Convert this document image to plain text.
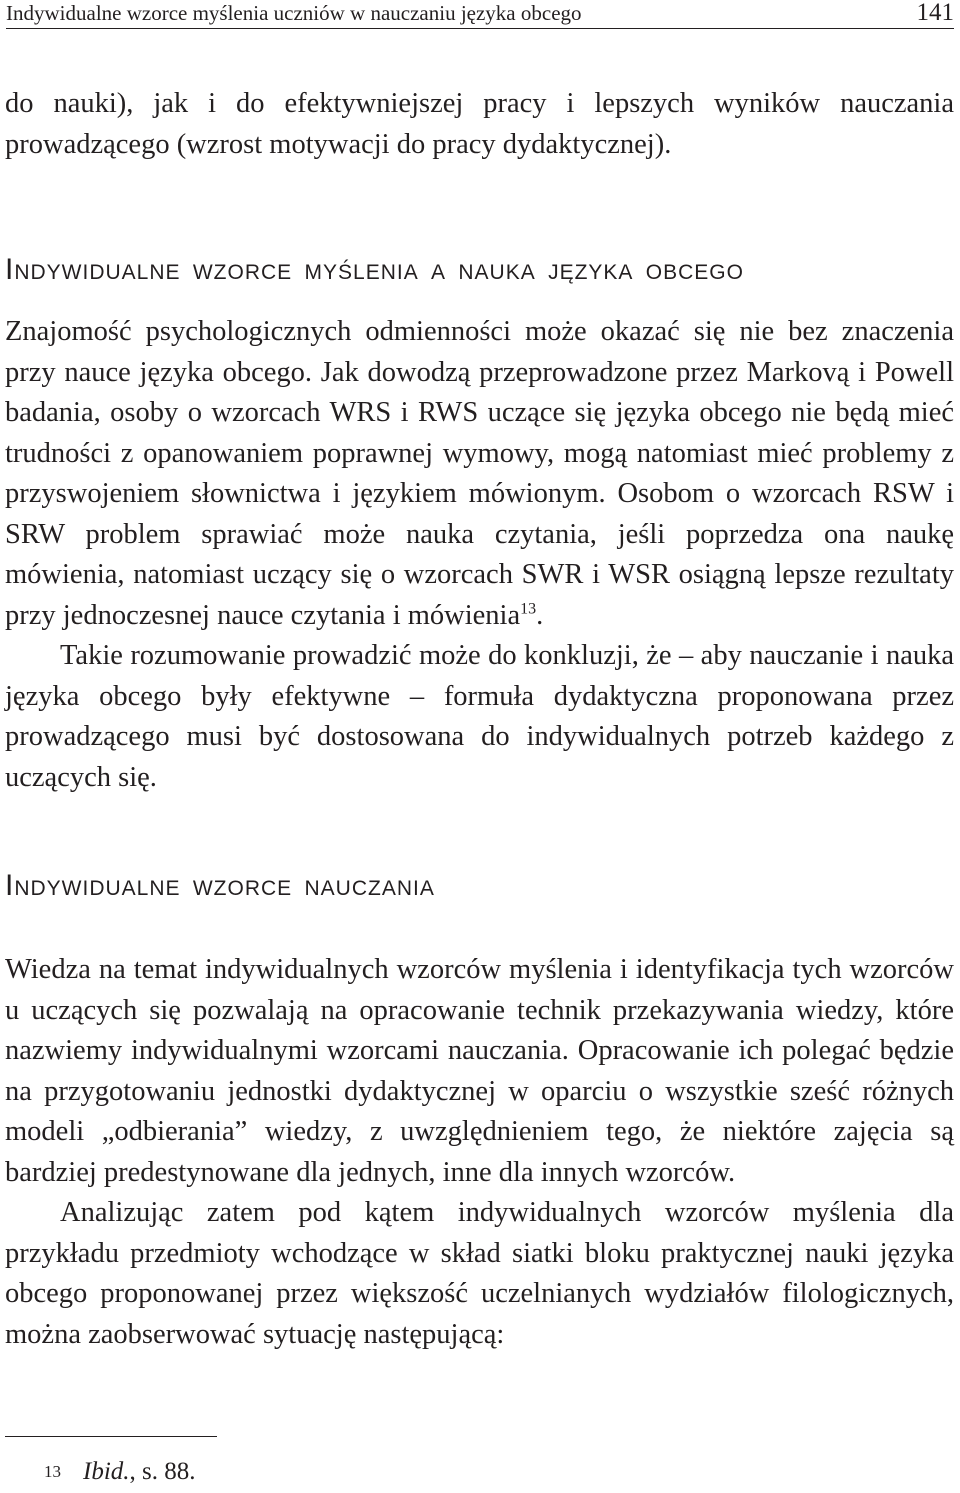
Indywidualne wzorce myślenia uczniów w nauczaniu języka obcego	141

do nauki), jak i do efektywniejszej pracy i lepszych wyników nauczania prowadzącego (wzrost motywacji do pracy dydaktycznej).

Indywidualne wzorce myślenia a nauka języka obcego

Znajomość psychologicznych odmienności może okazać się nie bez znaczenia przy nauce języka obcego. Jak dowodzą przeprowadzone przez Markovą i Powell badania, osoby o wzorcach WRS i RWS uczące się języka obcego nie będą mieć trudności z opanowaniem poprawnej wymowy, mogą natomiast mieć problemy z przyswojeniem słownictwa i językiem mówionym. Osobom o wzorcach RSW i SRW problem sprawiać może nauka czytania, jeśli poprzedza ona naukę mówienia, natomiast uczący się o wzorcach SWR i WSR osiągną lepsze rezultaty przy jednoczesnej nauce czytania i mówienia$^{13}$.

Takie rozumowanie prowadzić może do konkluzji, że – aby nauczanie i nauka języka obcego były efektywne – formuła dydaktyczna proponowana przez prowadzącego musi być dostosowana do indywidualnych potrzeb każdego z uczących się.

Indywidualne wzorce nauczania

Wiedza na temat indywidualnych wzorców myślenia i identyfikacja tych wzorców u uczących się pozwalają na opracowanie technik przekazywania wiedzy, które nazwiemy indywidualnymi wzorcami nauczania. Opracowanie ich polegać będzie na przygotowaniu jednostki dydaktycznej w oparciu o wszystkie sześć różnych modeli „odbierania” wiedzy, z uwzględnieniem tego, że niektóre zajęcia są bardziej predestynowane dla jednych, inne dla innych wzorców.

Analizując zatem pod kątem indywidualnych wzorców myślenia dla przykładu przedmioty wchodzące w skład siatki bloku praktycznej nauki języka obcego proponowanej przez większość uczelnianych wydziałów filologicznych, można zaobserwować sytuację następującą:

$^{13}$ Ibid., s. 88.
